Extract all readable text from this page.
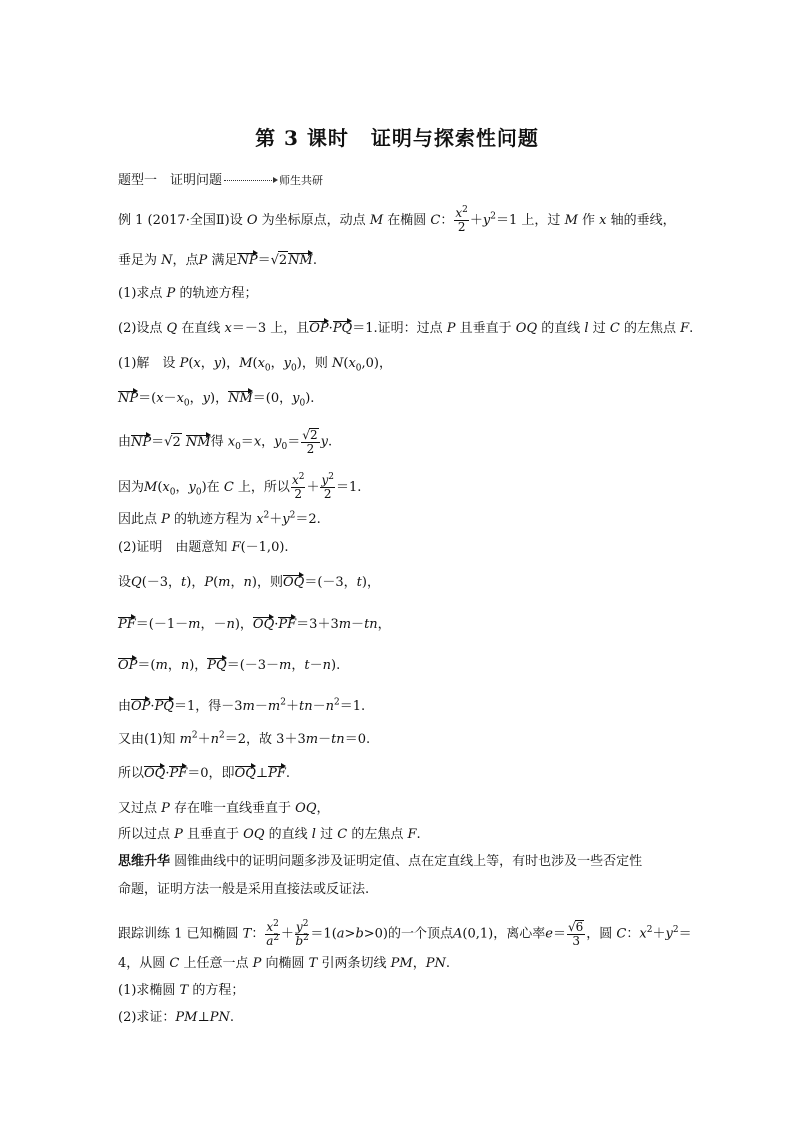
第 3 课时 证明与探索性问题
题型一　证明问题	师生共研
例 1 (2017·全国Ⅱ)设 O 为坐标原点，动点 M 在椭圆 C： $\frac{x^2}{2} +y^2=1$ 上，过 M 作 x 轴的垂线，
垂足为 N，点P 满足NP＝√2NM.
(1)求点 P 的轨迹方程；
(2)设点 Q 在直线 x＝－3 上，且OP·PQ＝1.证明：过点 P 且垂直于 OQ 的直线 l 过 C 的左焦点 F.
(1)解　设 P(x，y)，$M(x_0$，$y_0$)，则 $N(x_0,0)$，
$NP=(x-x_0$，y)，NM＝(0，$y_0$).
由NP＝√2 NM得 $x_0=x$，$y_0= \frac{√2}{2} y$.
因为$M(x_0$，$y_0$)在 C 上，所以 $\frac{x^2}{2} + \frac{y^2}{2} =1$.
因此点 P 的轨迹方程为 $x^2+y^2=2$.
(2)证明　由题意知 F(－1,0).
设Q(－3，t)，P(m，n)，则OQ＝(－3，t)，
PF＝(－1－m，－n)，OQ·PF＝3＋3m－tn，
OP＝(m，n)，PQ＝(－3－m，t－n).
由OP·PQ＝1，得$-3m-m^2+tn-n^2=1$.
又由(1)知 $m^2+n^2=2$，故 3＋3m－tn＝0.
所以OQ·PF＝0，即OQ⊥PF.
又过点 P 存在唯一直线垂直于 OQ，
所以过点 P 且垂直于 OQ 的直线 l 过 C 的左焦点 F.
思维升华 圆锥曲线中的证明问题多涉及证明定值、点在定直线上等，有时也涉及一些否定性
命题，证明方法一般是采用直接法或反证法.
跟踪训练 1 已知椭圆 T： $\frac{x^2}{a^2} + \frac{y^2}{b^2} =1(a>b>0)$的一个顶点A(0,1)，离心率$e= \frac{√6}{3}$ ，圆 C：$x^2+y^2=$
4，从圆 C 上任意一点 P 向椭圆 T 引两条切线 PM，PN.
(1)求椭圆 T 的方程；
(2)求证：PM⊥PN.
